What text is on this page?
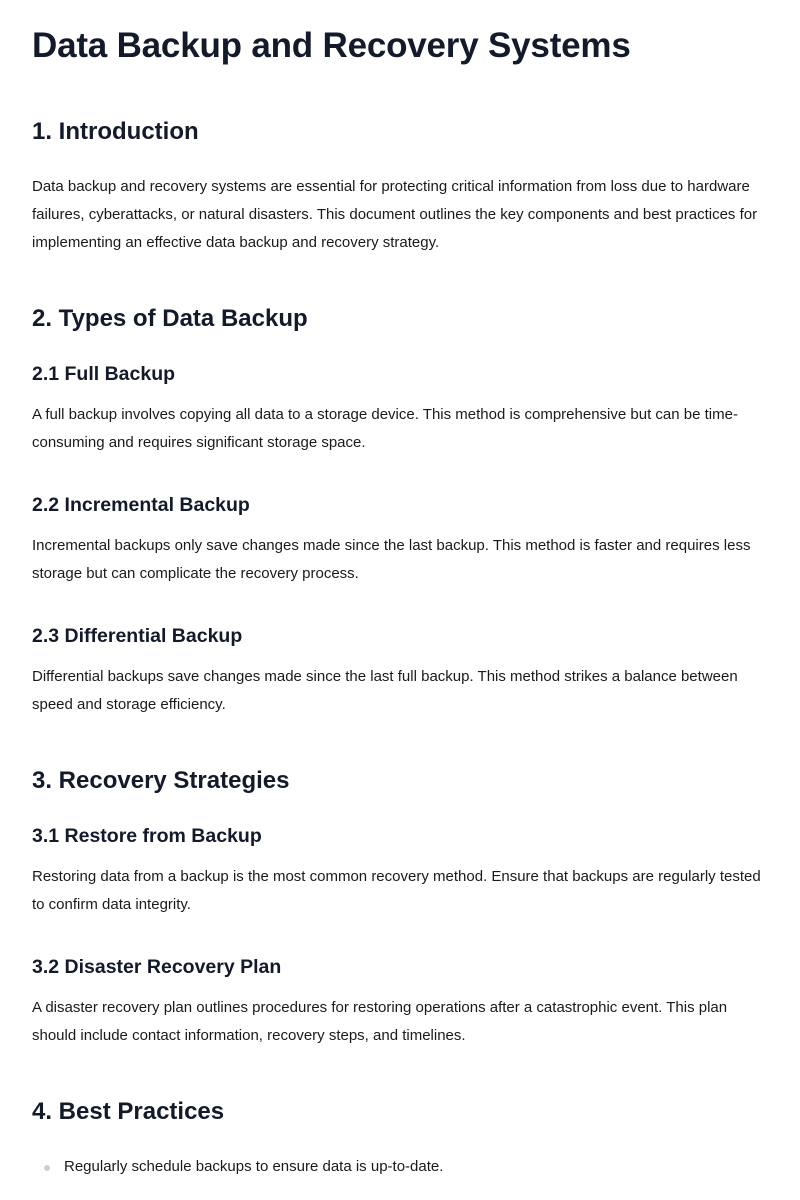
Data Backup and Recovery Systems
1. Introduction

Data backup and recovery systems are essential for protecting critical information from loss due to hardware failures, cyberattacks, or natural disasters. This document outlines the key components and best practices for implementing an effective data backup and recovery strategy.

2. Types of Data Backup
2.1 Full Backup

A full backup involves copying all data to a storage device. This method is comprehensive but can be time-consuming and requires significant storage space.

2.2 Incremental Backup

Incremental backups only save changes made since the last backup. This method is faster and requires less storage but can complicate the recovery process.

2.3 Differential Backup

Differential backups save changes made since the last full backup. This method strikes a balance between speed and storage efficiency.

3. Recovery Strategies
3.1 Restore from Backup

Restoring data from a backup is the most common recovery method. Ensure that backups are regularly tested to confirm data integrity.

3.2 Disaster Recovery Plan

A disaster recovery plan outlines procedures for restoring operations after a catastrophic event. This plan should include contact information, recovery steps, and timelines.

4. Best Practices
Regularly schedule backups to ensure data is up-to-date.
